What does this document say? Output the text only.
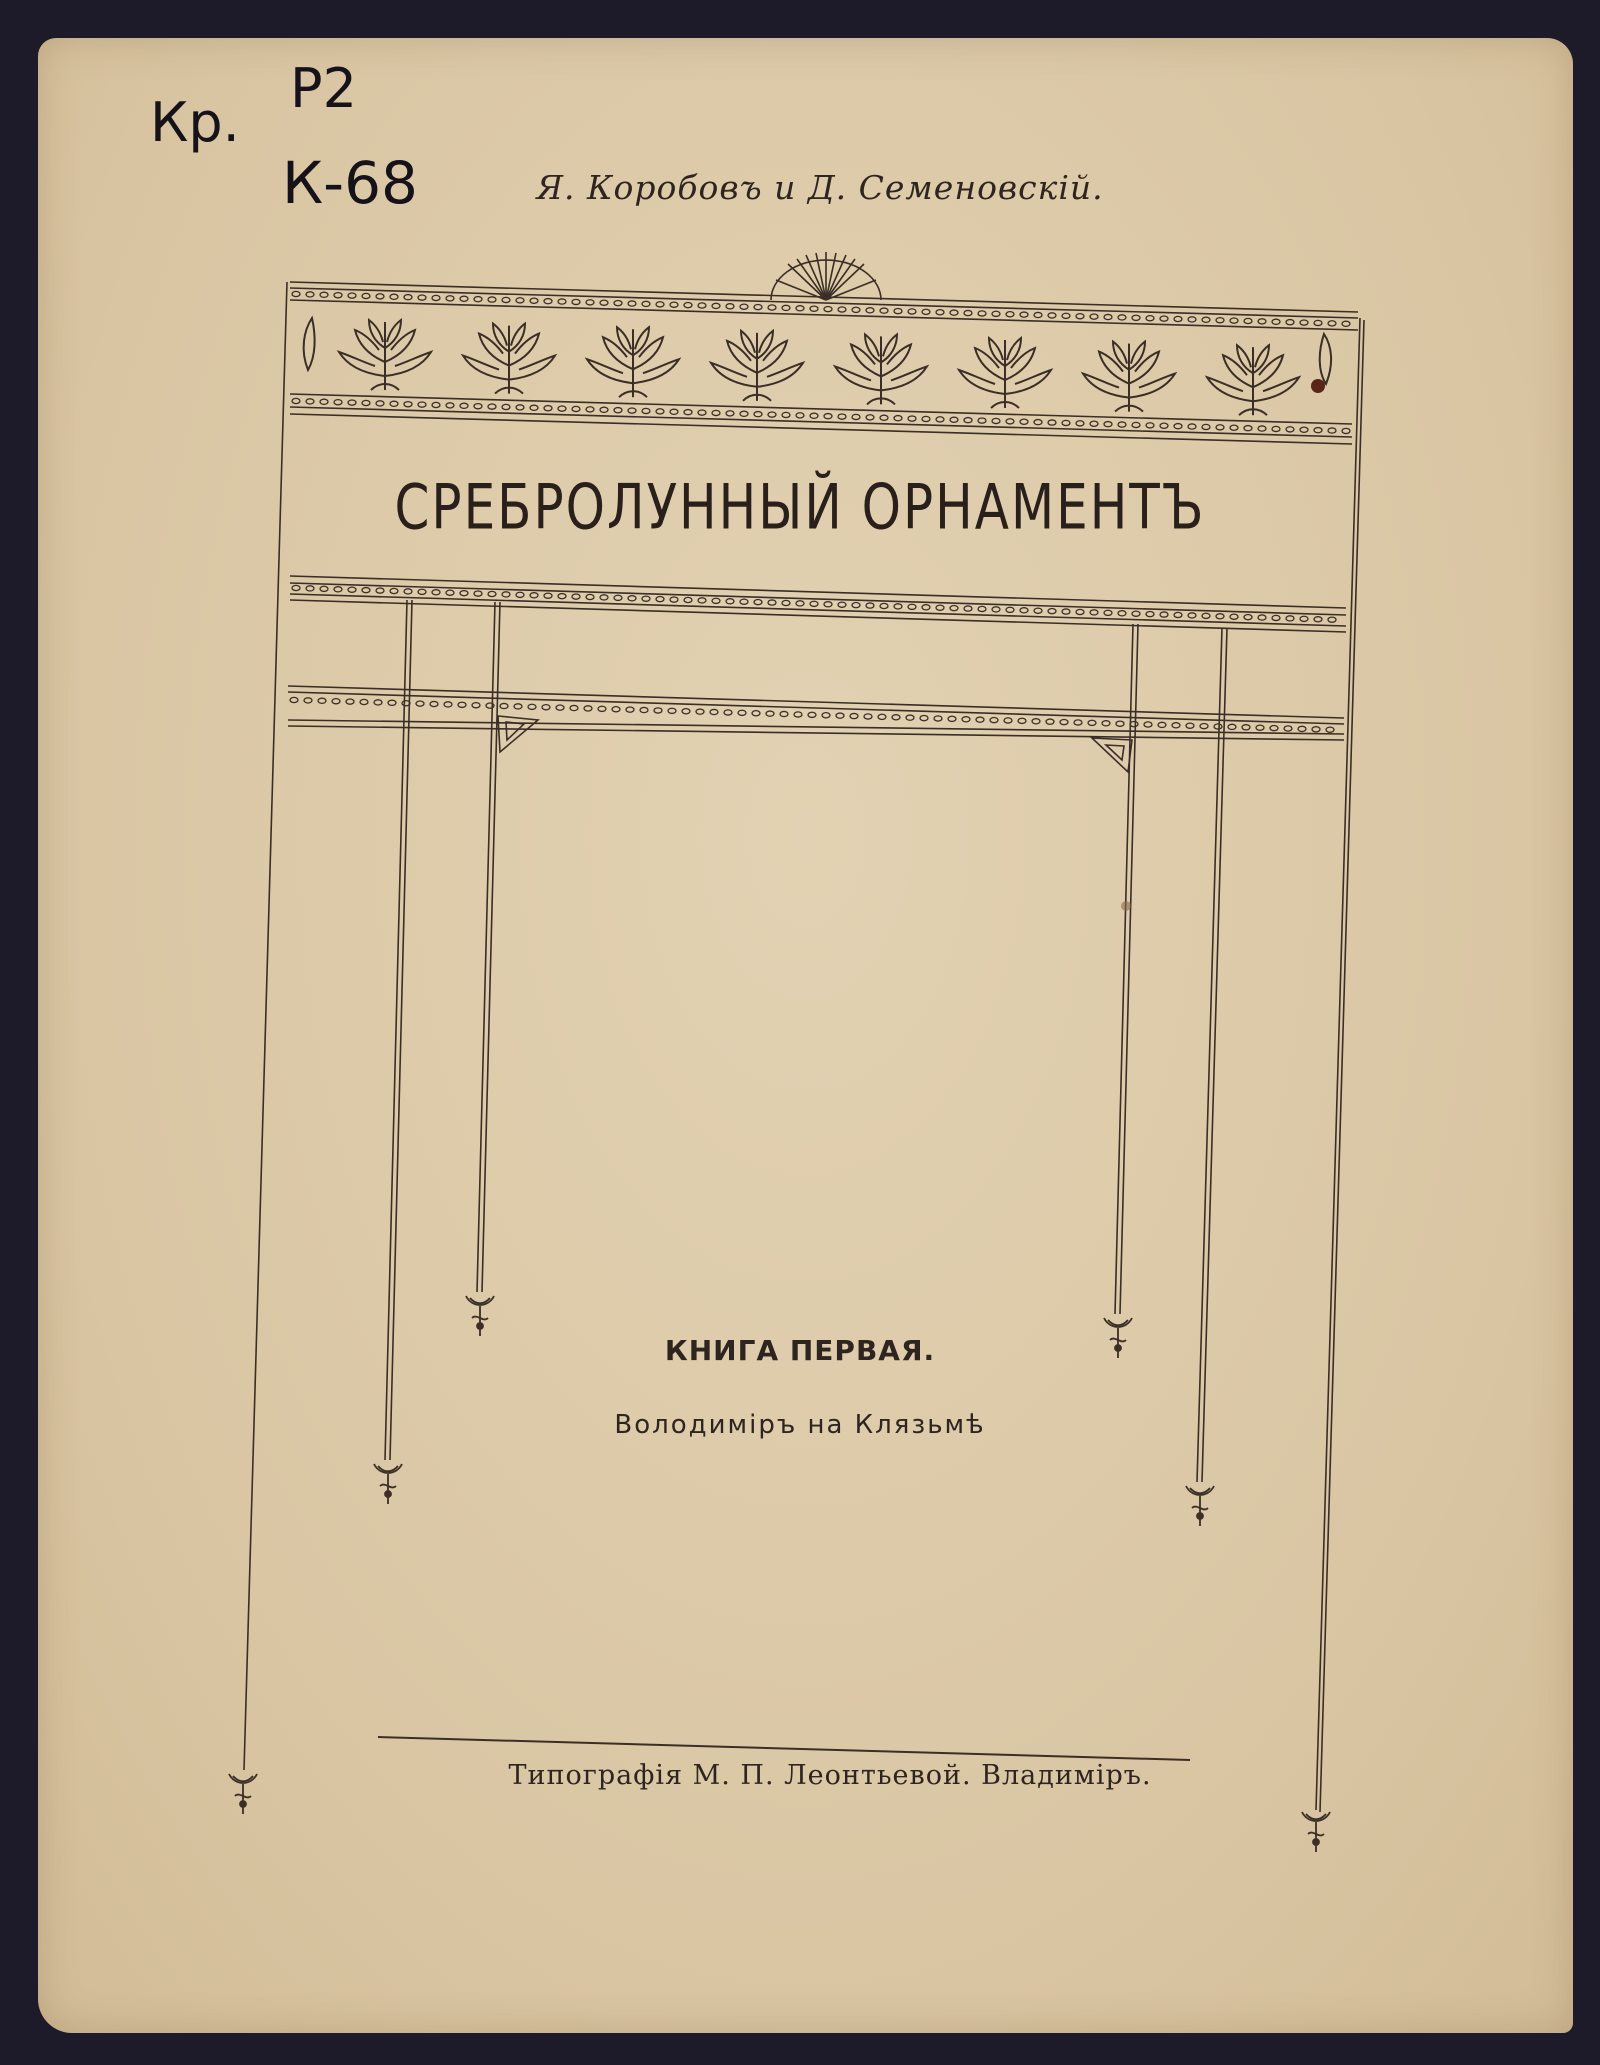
Кр.
Р2
К-68	Я. Коробовъ и Д. Семеновскій.

СРЕБРОЛУННЫЙ ОРНАМЕНТЪ

КНИГА ПЕРВАЯ.

Володиміръ на Клязьмѣ

Типографія М. П. Леонтьевой. Владиміръ.
